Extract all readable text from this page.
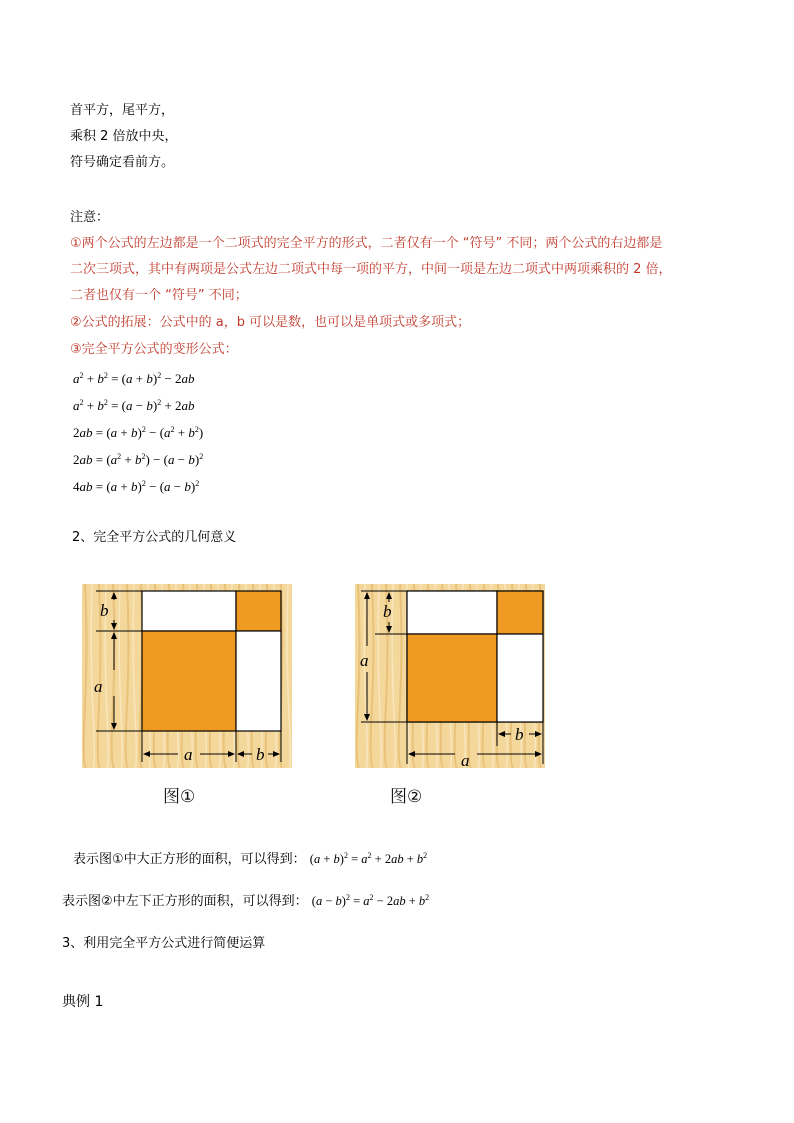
首平方，尾平方，
乘积 2 倍放中央，
符号确定看前方。
注意：
①两个公式的左边都是一个二项式的完全平方的形式，二者仅有一个 “符号” 不同；两个公式的右边都是
二次三项式，其中有两项是公式左边二项式中每一项的平方，中间一项是左边二项式中两项乘积的 2 倍，
二者也仅有一个 “符号” 不同；
②公式的拓展：公式中的 a，b 可以是数，也可以是单项式或多项式；
③完全平方公式的变形公式：
$a^2 + b^2 = (a + b)^2 - 2ab$
$a^2 + b^2 = (a - b)^2 + 2ab$
$2ab = (a + b)^2 - (a^2 + b^2)$
$2ab = (a^2 + b^2) - (a - b)^2$
$4ab = (a + b)^2 - (a - b)^2$
2、完全平方公式的几何意义
b
a
a	b
图①
b
a
b
a
图②
表示图①中大正方形的面积，可以得到： $(a + b)^2 = a^2 + 2ab + b^2$
表示图②中左下正方形的面积，可以得到： $(a - b)^2 = a^2 - 2ab + b^2$
3、利用完全平方公式进行简便运算
典例 1
